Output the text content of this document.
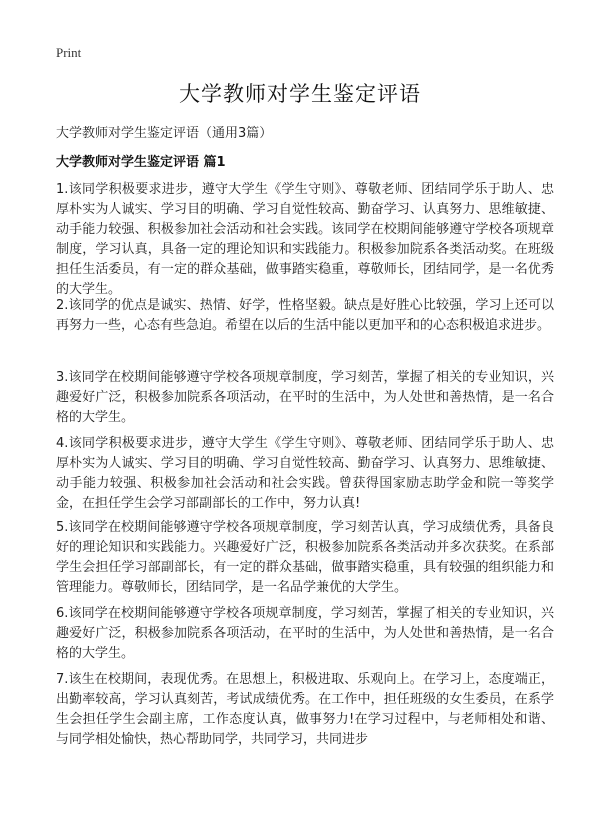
Print
大学教师对学生鉴定评语
大学教师对学生鉴定评语（通用3篇）
大学教师对学生鉴定评语 篇1

1.该同学积极要求进步，遵守大学生《学生守则》、尊敬老师、团结同学乐于助人、忠厚朴实为人诚实、学习目的明确、学习自觉性较高、勤奋学习、认真努力、思维敏捷、动手能力较强、积极参加社会活动和社会实践。该同学在校期间能够遵守学校各项规章制度，学习认真，具备一定的理论知识和实践能力。积极参加院系各类活动奖。在班级担任生活委员，有一定的群众基础，做事踏实稳重，尊敬师长，团结同学，是一名优秀的大学生。

2.该同学的优点是诚实、热情、好学，性格坚毅。缺点是好胜心比较强，学习上还可以再努力一些，心态有些急迫。希望在以后的生活中能以更加平和的心态积极追求进步。

3.该同学在校期间能够遵守学校各项规章制度，学习刻苦，掌握了相关的专业知识，兴趣爱好广泛，积极参加院系各项活动，在平时的生活中，为人处世和善热情，是一名合格的大学生。

4.该同学积极要求进步，遵守大学生《学生守则》、尊敬老师、团结同学乐于助人、忠厚朴实为人诚实、学习目的明确、学习自觉性较高、勤奋学习、认真努力、思维敏捷、动手能力较强、积极参加社会活动和社会实践。曾获得国家励志助学金和院一等奖学金，在担任学生会学习部副部长的工作中，努力认真!

5.该同学在校期间能够遵守学校各项规章制度，学习刻苦认真，学习成绩优秀，具备良好的理论知识和实践能力。兴趣爱好广泛，积极参加院系各类活动并多次获奖。在系部学生会担任学习部副部长，有一定的群众基础，做事踏实稳重，具有较强的组织能力和管理能力。尊敬师长，团结同学，是一名品学兼优的大学生。

6.该同学在校期间能够遵守学校各项规章制度，学习刻苦，掌握了相关的专业知识，兴趣爱好广泛，积极参加院系各项活动，在平时的生活中，为人处世和善热情，是一名合格的大学生。

7.该生在校期间，表现优秀。在思想上，积极进取、乐观向上。在学习上，态度端正，出勤率较高，学习认真刻苦，考试成绩优秀。在工作中，担任班级的女生委员，在系学生会担任学生会副主席，工作态度认真，做事努力!在学习过程中，与老师相处和谐、与同学相处愉快，热心帮助同学，共同学习，共同进步
